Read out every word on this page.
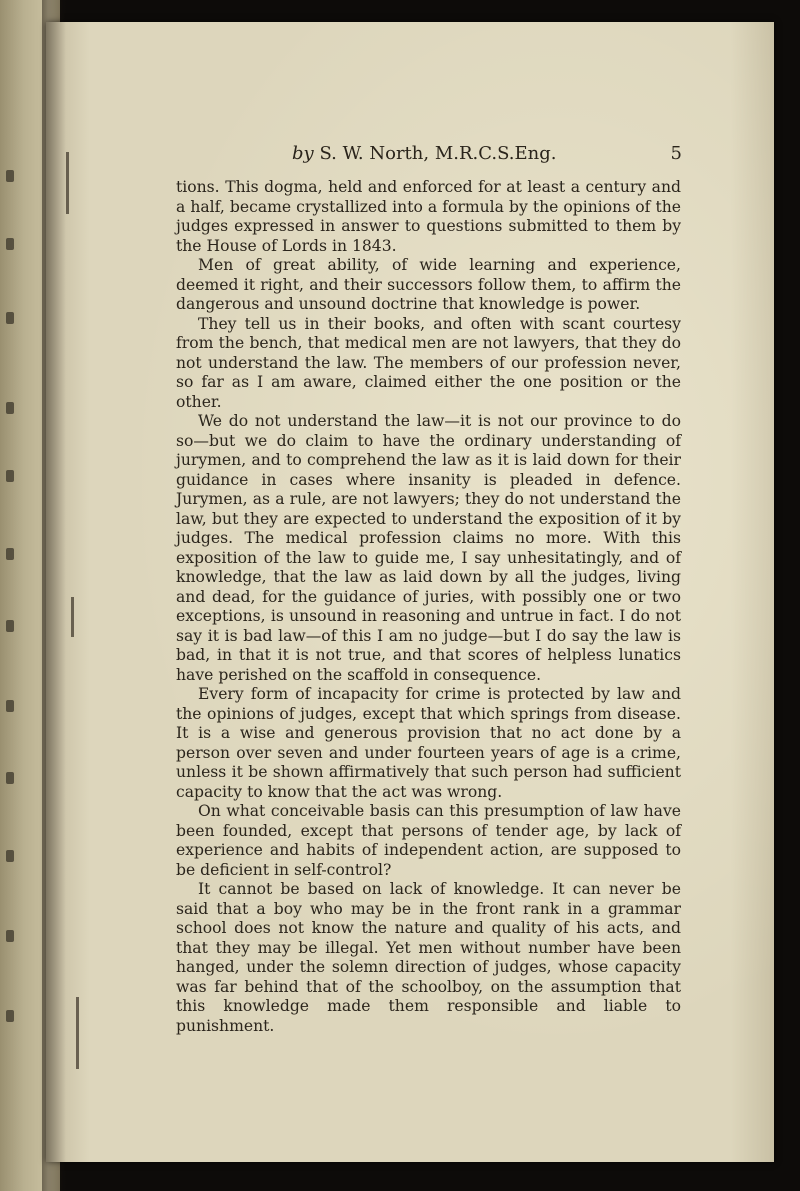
by S. W. North, M.R.C.S.Eng.	5

tions. This dogma, held and enforced for at least a century and a half, became crystallized into a formula by the opinions of the judges expressed in answer to questions submitted to them by the House of Lords in 1843.

Men of great ability, of wide learning and experience, deemed it right, and their successors follow them, to affirm the dangerous and unsound doctrine that knowledge is power.

They tell us in their books, and often with scant courtesy from the bench, that medical men are not lawyers, that they do not understand the law. The members of our profession never, so far as I am aware, claimed either the one position or the other.

We do not understand the law—it is not our province to do so—but we do claim to have the ordinary understanding of jurymen, and to comprehend the law as it is laid down for their guidance in cases where insanity is pleaded in defence. Jurymen, as a rule, are not lawyers; they do not understand the law, but they are expected to understand the exposition of it by judges. The medical profession claims no more. With this exposition of the law to guide me, I say unhesitatingly, and of knowledge, that the law as laid down by all the judges, living and dead, for the guidance of juries, with possibly one or two exceptions, is unsound in reasoning and untrue in fact. I do not say it is bad law—of this I am no judge—but I do say the law is bad, in that it is not true, and that scores of helpless lunatics have perished on the scaffold in consequence.

Every form of incapacity for crime is protected by law and the opinions of judges, except that which springs from disease. It is a wise and generous provision that no act done by a person over seven and under fourteen years of age is a crime, unless it be shown affirmatively that such person had sufficient capacity to know that the act was wrong.

On what conceivable basis can this presumption of law have been founded, except that persons of tender age, by lack of experience and habits of independent action, are supposed to be deficient in self-control?

It cannot be based on lack of knowledge. It can never be said that a boy who may be in the front rank in a grammar school does not know the nature and quality of his acts, and that they may be illegal. Yet men without number have been hanged, under the solemn direction of judges, whose capacity was far behind that of the schoolboy, on the assumption that this knowledge made them responsible and liable to punishment.
